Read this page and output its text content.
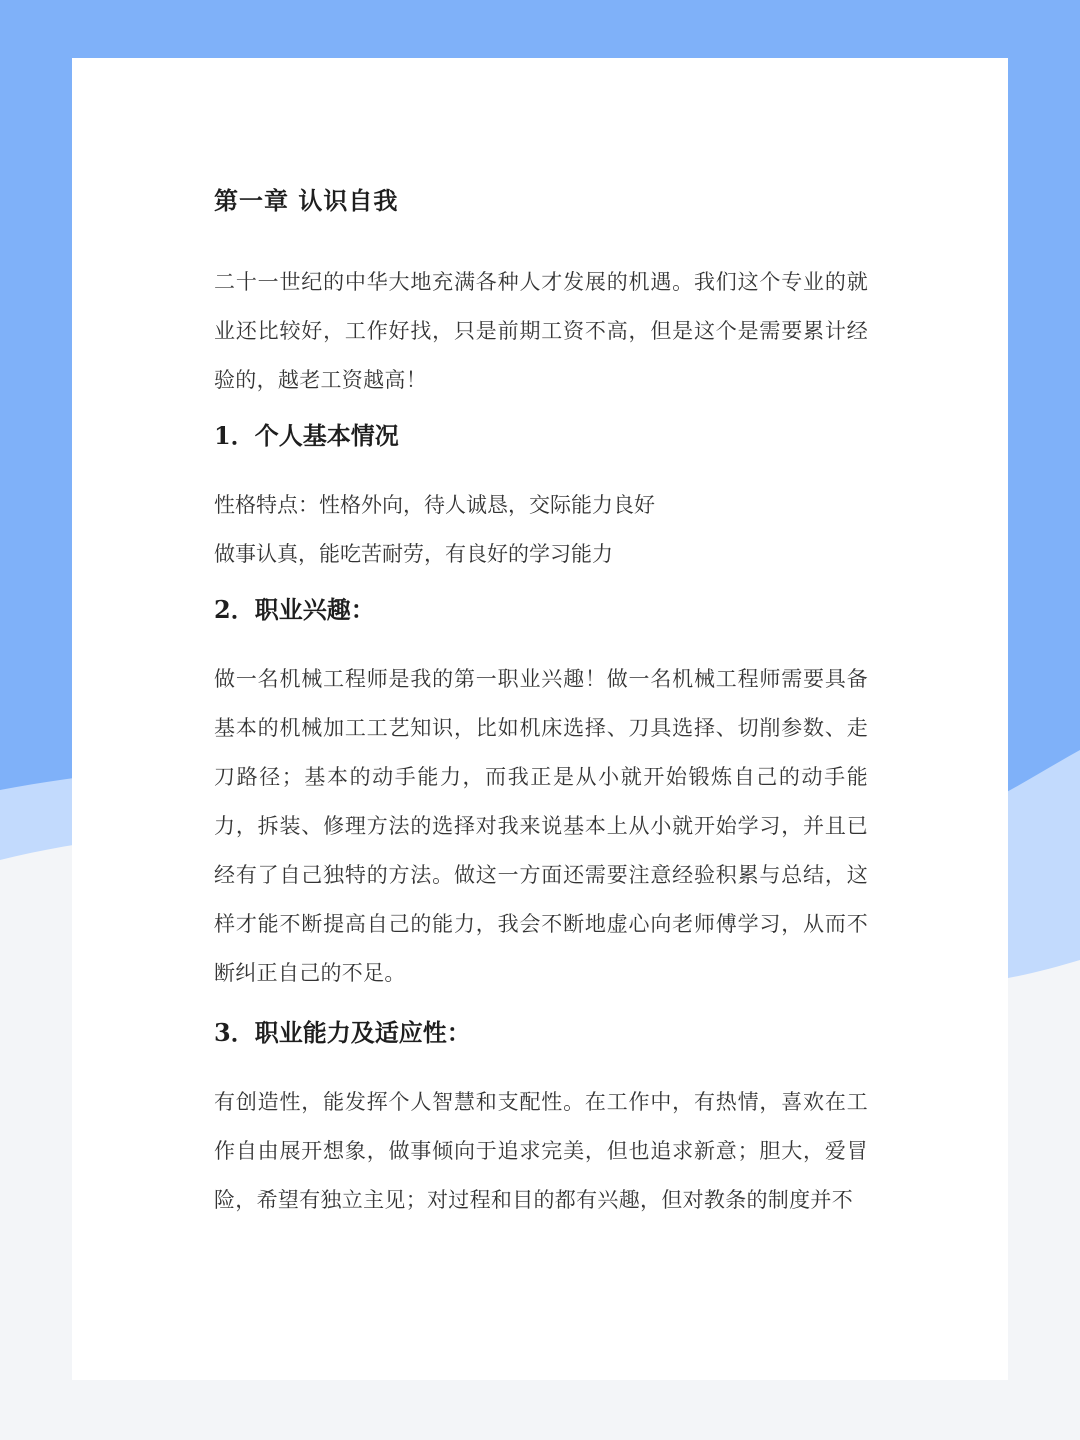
第一章 认识自我

二十一世纪的中华大地充满各种人才发展的机遇。我们这个专业的就业还比较好，工作好找，只是前期工资不高，但是这个是需要累计经验的，越老工资越高！

1．个人基本情况

性格特点：性格外向，待人诚恳，交际能力良好

做事认真，能吃苦耐劳，有良好的学习能力

2．职业兴趣：

做一名机械工程师是我的第一职业兴趣！做一名机械工程师需要具备基本的机械加工工艺知识，比如机床选择、刀具选择、切削参数、走刀路径；基本的动手能力，而我正是从小就开始锻炼自己的动手能力，拆装、修理方法的选择对我来说基本上从小就开始学习，并且已经有了自己独特的方法。做这一方面还需要注意经验积累与总结，这样才能不断提高自己的能力，我会不断地虚心向老师傅学习，从而不断纠正自己的不足。

3．职业能力及适应性：

有创造性，能发挥个人智慧和支配性。在工作中，有热情，喜欢在工作自由展开想象，做事倾向于追求完美，但也追求新意；胆大，爱冒险，希望有独立主见；对过程和目的都有兴趣，但对教条的制度并不
